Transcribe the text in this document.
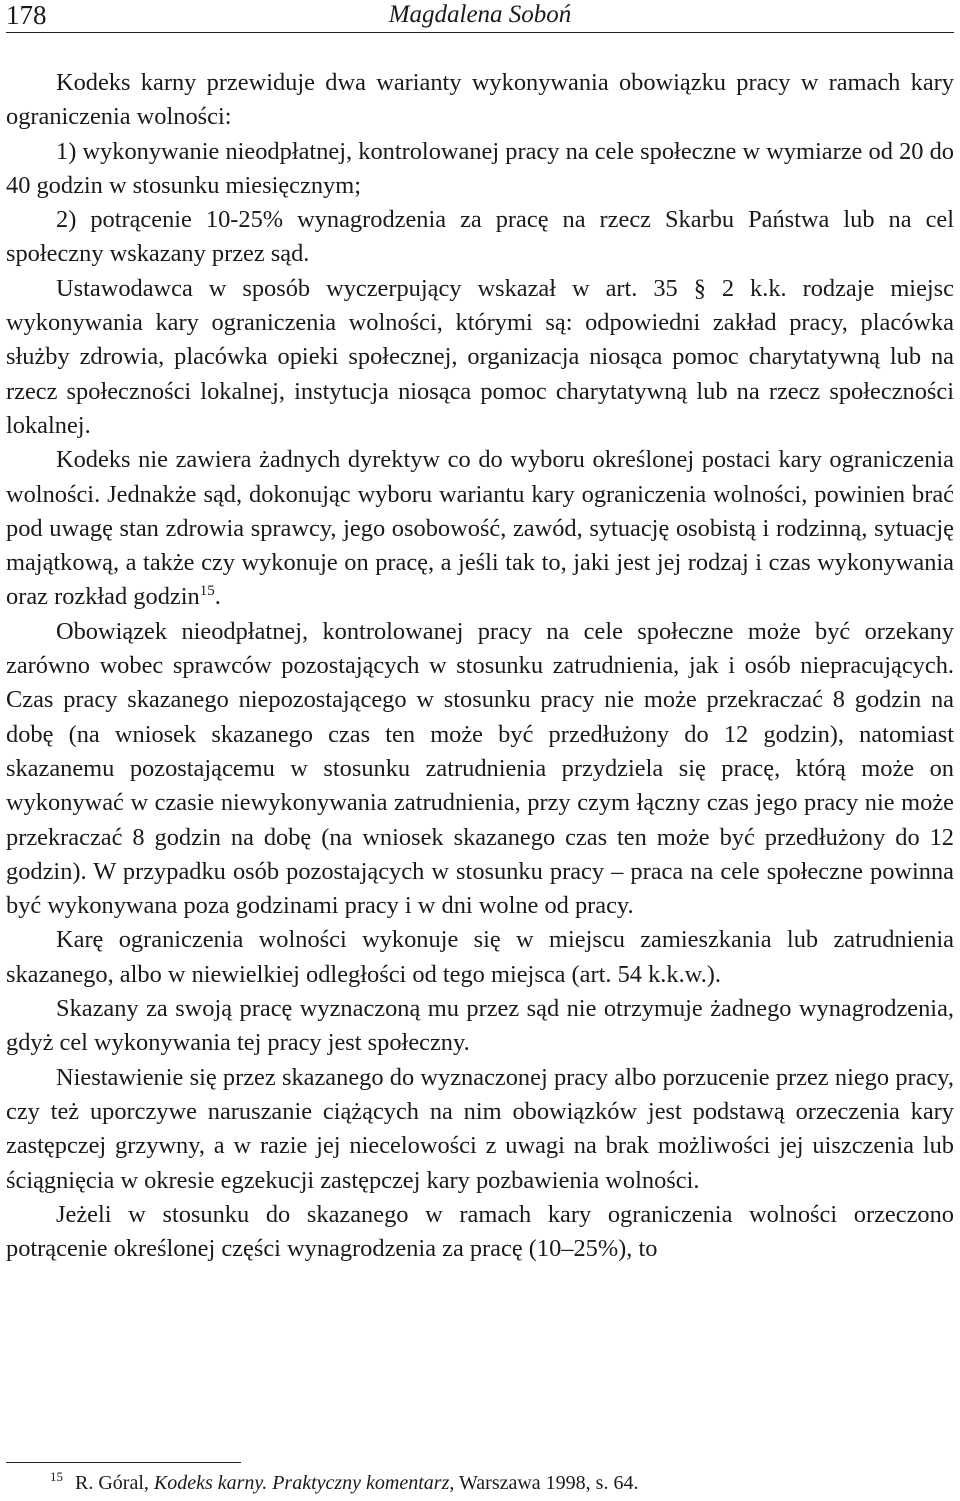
178	Magdalena Soboń

Kodeks karny przewiduje dwa warianty wykonywania obowiązku pracy w ramach kary ograniczenia wolności:

1) wykonywanie nieodpłatnej, kontrolowanej pracy na cele społeczne w wymiarze od 20 do 40 godzin w stosunku miesięcznym;

2) potrącenie 10-25% wynagrodzenia za pracę na rzecz Skarbu Państwa lub na cel społeczny wskazany przez sąd.

Ustawodawca w sposób wyczerpujący wskazał w art. 35 § 2 k.k. rodzaje miejsc wykonywania kary ograniczenia wolności, którymi są: odpowiedni zakład pracy, placówka służby zdrowia, placówka opieki społecznej, organizacja niosąca pomoc charytatywną lub na rzecz społeczności lokalnej, instytucja niosąca pomoc charytatywną lub na rzecz społeczności lokalnej.

Kodeks nie zawiera żadnych dyrektyw co do wyboru określonej postaci kary ograniczenia wolności. Jednakże sąd, dokonując wyboru wariantu kary ograniczenia wolności, powinien brać pod uwagę stan zdrowia sprawcy, jego osobowość, zawód, sytuację osobistą i rodzinną, sytuację majątkową, a także czy wykonuje on pracę, a jeśli tak to, jaki jest jej rodzaj i czas wykonywania oraz rozkład godzin$^{15}$.

Obowiązek nieodpłatnej, kontrolowanej pracy na cele społeczne może być orzekany zarówno wobec sprawców pozostających w stosunku zatrudnienia, jak i osób niepracujących. Czas pracy skazanego niepozostającego w stosunku pracy nie może przekraczać 8 godzin na dobę (na wniosek skazanego czas ten może być przedłużony do 12 godzin), natomiast skazanemu pozostającemu w stosunku zatrudnienia przydziela się pracę, którą może on wykonywać w czasie niewykonywania zatrudnienia, przy czym łączny czas jego pracy nie może przekraczać 8 godzin na dobę (na wniosek skazanego czas ten może być przedłużony do 12 godzin). W przypadku osób pozostających w stosunku pracy – praca na cele społeczne powinna być wykonywana poza godzinami pracy i w dni wolne od pracy.

Karę ograniczenia wolności wykonuje się w miejscu zamieszkania lub zatrudnienia skazanego, albo w niewielkiej odległości od tego miejsca (art. 54 k.k.w.).

Skazany za swoją pracę wyznaczoną mu przez sąd nie otrzymuje żadnego wynagrodzenia, gdyż cel wykonywania tej pracy jest społeczny.

Niestawienie się przez skazanego do wyznaczonej pracy albo porzucenie przez niego pracy, czy też uporczywe naruszanie ciążących na nim obowiązków jest podstawą orzeczenia kary zastępczej grzywny, a w razie jej niecelowości z uwagi na brak możliwości jej uiszczenia lub ściągnięcia w okresie egzekucji zastępczej kary pozbawienia wolności.

Jeżeli w stosunku do skazanego w ramach kary ograniczenia wolności orzeczono potrącenie określonej części wynagrodzenia za pracę (10–25%), to

$^{15}$ R. Góral, Kodeks karny. Praktyczny komentarz, Warszawa 1998, s. 64.
